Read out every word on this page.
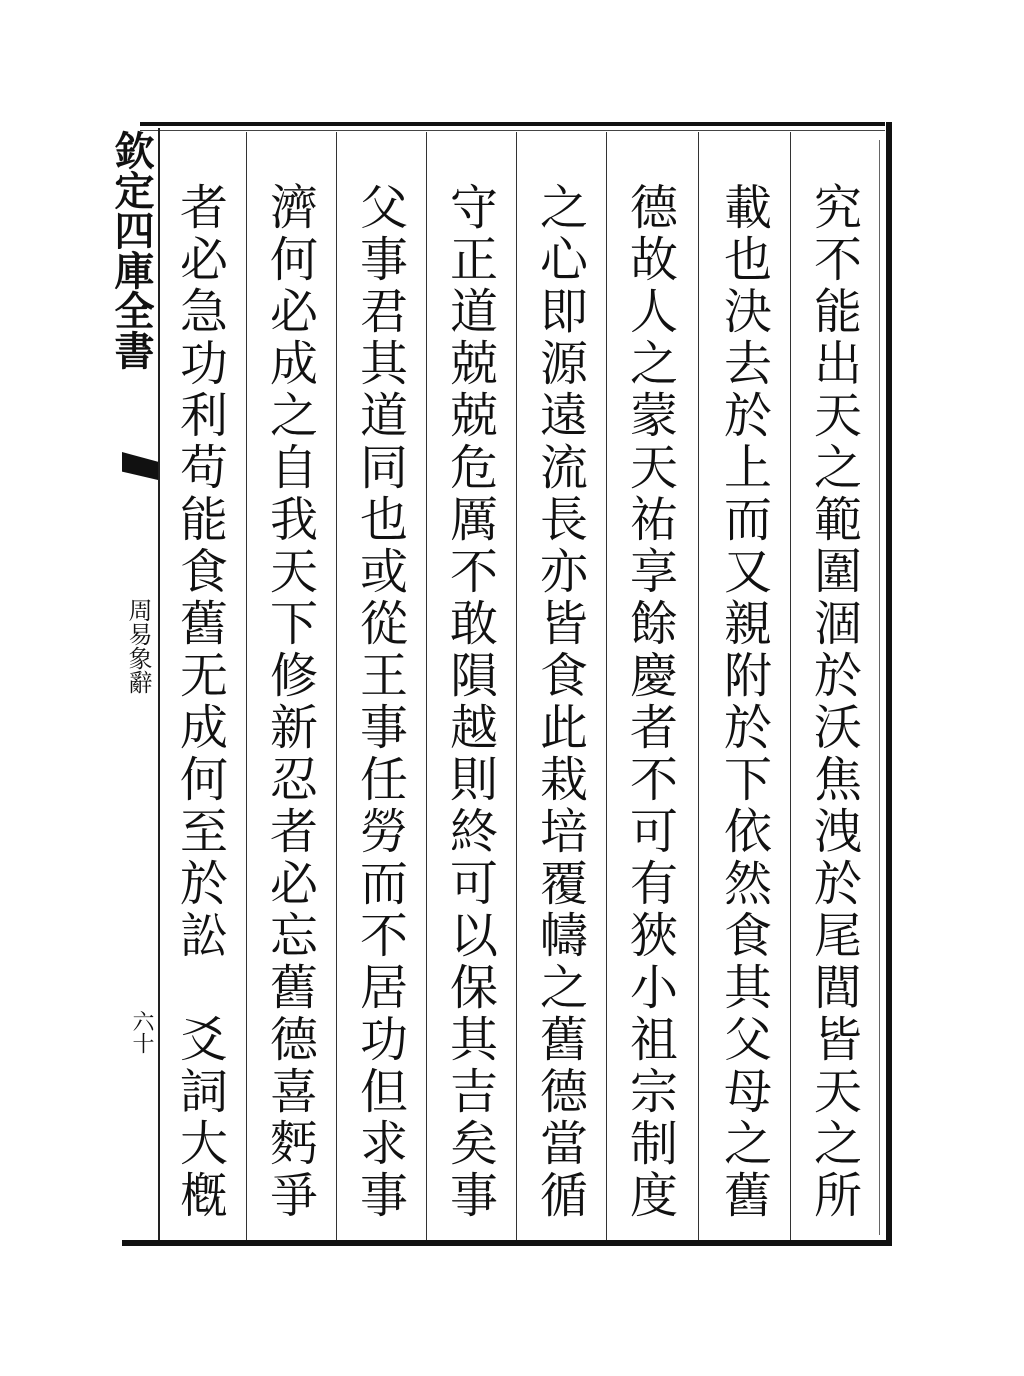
欽定四庫全書
周易象辭
六十
究
不
能
出
天
之
範
圍
涸
於
沃
焦
洩
於
尾
閭
皆
天
之
所
載
也
決
去
於
上
而
又
親
附
於
下
依
然
食
其
父
母
之
舊
德
故
人
之
蒙
天
祐
享
餘
慶
者
不
可
有
狹
小
祖
宗
制
度
之
心
即
源
遠
流
長
亦
皆
食
此
栽
培
覆
幬
之
舊
德
當
循
守
正
道
兢
兢
危
厲
不
敢
隕
越
則
終
可
以
保
其
吉
矣
事
父
事
君
其
道
同
也
或
從
王
事
任
勞
而
不
居
功
但
求
事
濟
何
必
成
之
自
我
天
下
修
新
忍
者
必
忘
舊
德
喜
麫
爭
者
必
急
功
利
苟
能
食
舊
无
成
何
至
於
訟

爻
詞
大
槪
